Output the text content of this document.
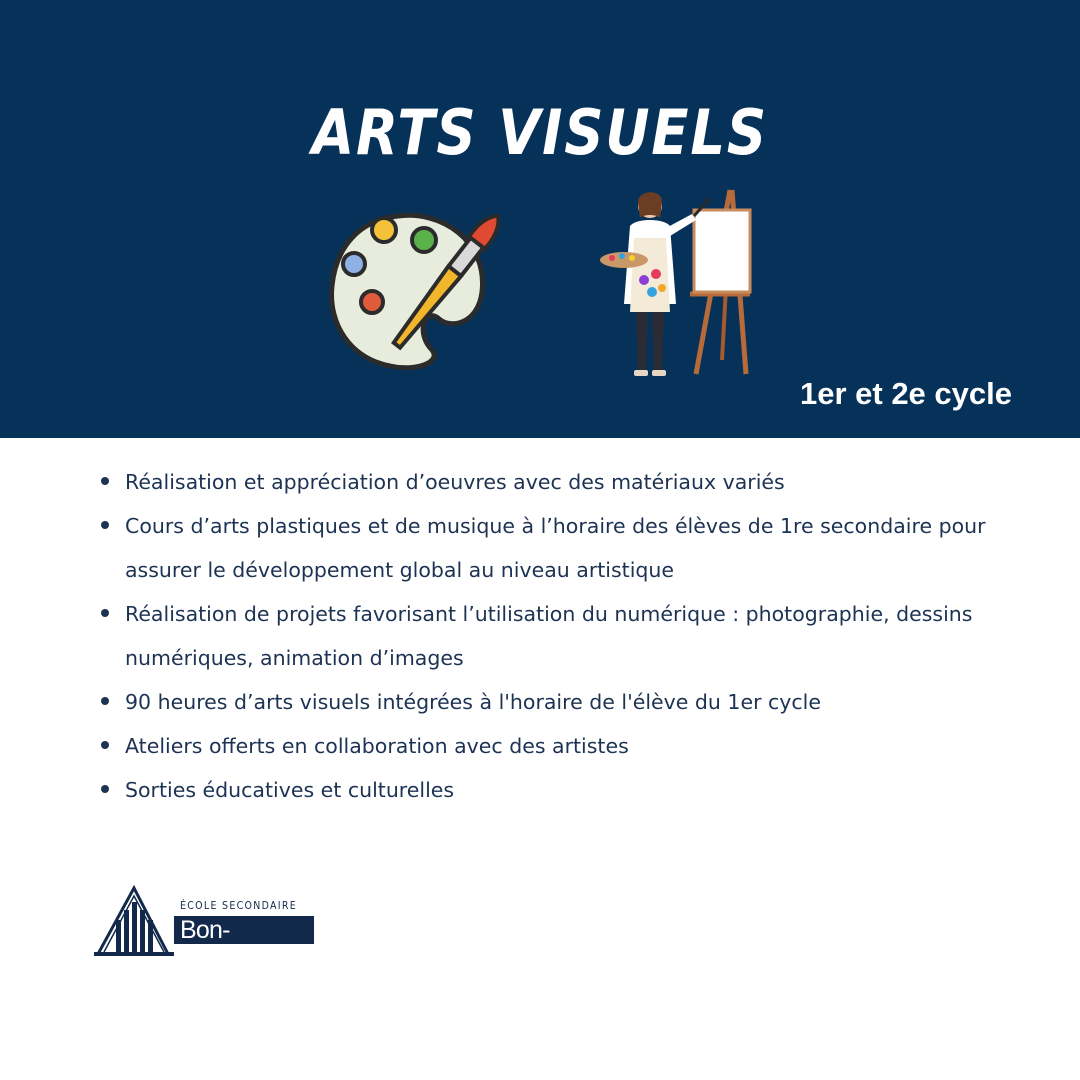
ARTS VISUELS
1er et 2e cycle
Réalisation et appréciation d’oeuvres avec des matériaux variés
Cours d’arts plastiques et de musique à l’horaire des élèves de 1re secondaire pour assurer le développement global au niveau artistique
Réalisation de projets favorisant l’utilisation du numérique : photographie, dessins numériques, animation d’images
90 heures d’arts visuels intégrées à l'horaire de l'élève du 1er cycle
Ateliers offerts en collaboration avec des artistes
Sorties éducatives et culturelles
ÉCOLE SECONDAIRE
Bon-Pasteur
